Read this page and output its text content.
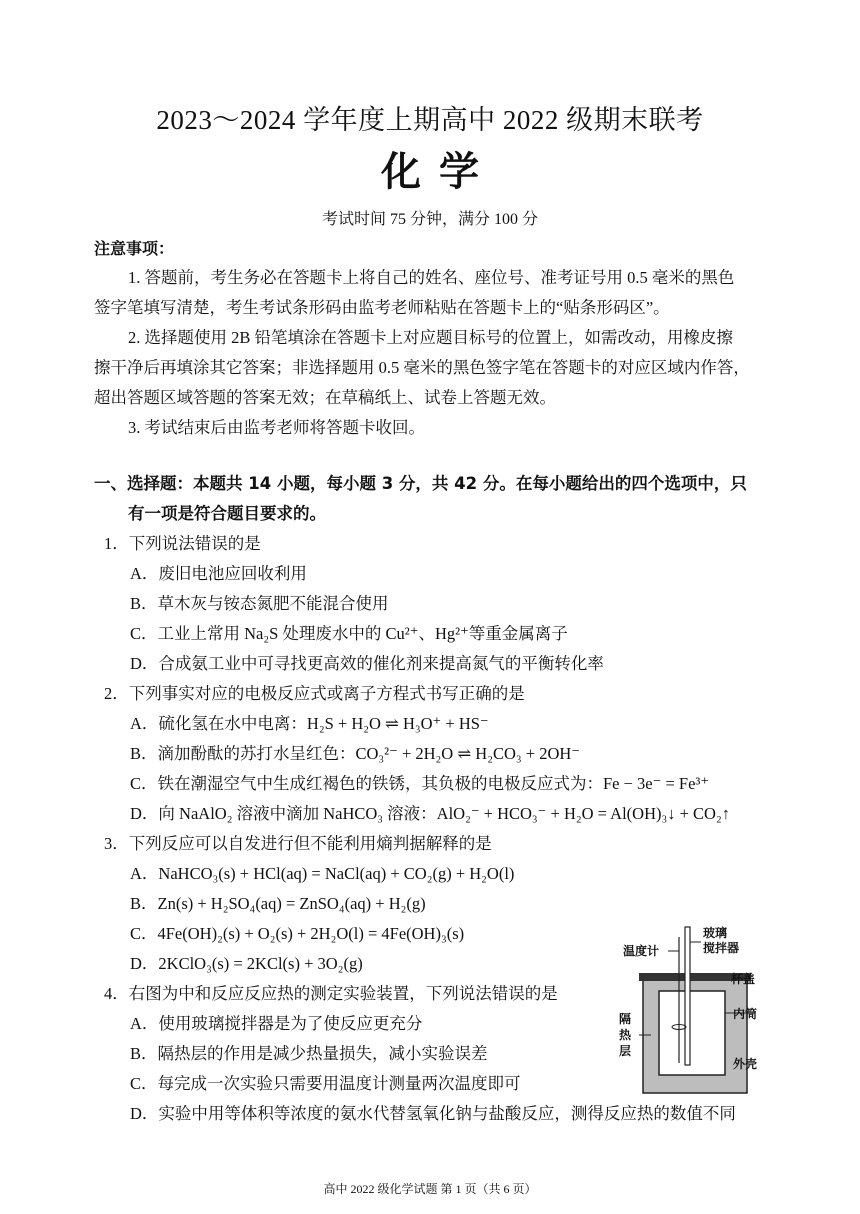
2023～2024 学年度上期高中 2022 级期末联考
化学
考试时间 75 分钟，满分 100 分
注意事项：
1. 答题前，考生务必在答题卡上将自己的姓名、座位号、准考证号用 0.5 毫米的黑色
签字笔填写清楚，考生考试条形码由监考老师粘贴在答题卡上的“贴条形码区”。
2. 选择题使用 2B 铅笔填涂在答题卡上对应题目标号的位置上，如需改动，用橡皮擦
擦干净后再填涂其它答案；非选择题用 0.5 毫米的黑色签字笔在答题卡的对应区域内作答，
超出答题区域答题的答案无效；在草稿纸上、试卷上答题无效。
3. 考试结束后由监考老师将答题卡收回。
一、选择题：本题共 14 小题，每小题 3 分，共 42 分。在每小题给出的四个选项中，只
有一项是符合题目要求的。
1．下列说法错误的是
A．废旧电池应回收利用
B．草木灰与铵态氮肥不能混合使用
C．工业上常用 Na₂S 处理废水中的 Cu²⁺、Hg²⁺等重金属离子
D．合成氨工业中可寻找更高效的催化剂来提高氮气的平衡转化率
2．下列事实对应的电极反应式或离子方程式书写正确的是
A．硫化氢在水中电离：H₂S + H₂O ⇌ H₃O⁺ + HS⁻
B．滴加酚酞的苏打水呈红色：CO₃²⁻ + 2H₂O ⇌ H₂CO₃ + 2OH⁻
C．铁在潮湿空气中生成红褐色的铁锈，其负极的电极反应式为：Fe − 3e⁻ = Fe³⁺
D．向 NaAlO₂ 溶液中滴加 NaHCO₃ 溶液：AlO₂⁻ + HCO₃⁻ + H₂O = Al(OH)₃↓ + CO₂↑
3．下列反应可以自发进行但不能利用熵判据解释的是
A．NaHCO₃(s) + HCl(aq) = NaCl(aq) + CO₂(g) + H₂O(l)
B．Zn(s) + H₂SO₄(aq) = ZnSO₄(aq) + H₂(g)
C．4Fe(OH)₂(s) + O₂(s) + 2H₂O(l) = 4Fe(OH)₃(s)
D．2KClO₃(s) = 2KCl(s) + 3O₂(g)
4．右图为中和反应反应热的测定实验装置，下列说法错误的是
A．使用玻璃搅拌器是为了使反应更充分
B．隔热层的作用是减少热量损失，减小实验误差
C．每完成一次实验只需要用温度计测量两次温度即可
D．实验中用等体积等浓度的氨水代替氢氧化钠与盐酸反应，测得反应热的数值不同
温度计
玻璃
搅拌器
杯盖
内筒
隔
热
层
外壳
高中 2022 级化学试题 第 1 页（共 6 页）
